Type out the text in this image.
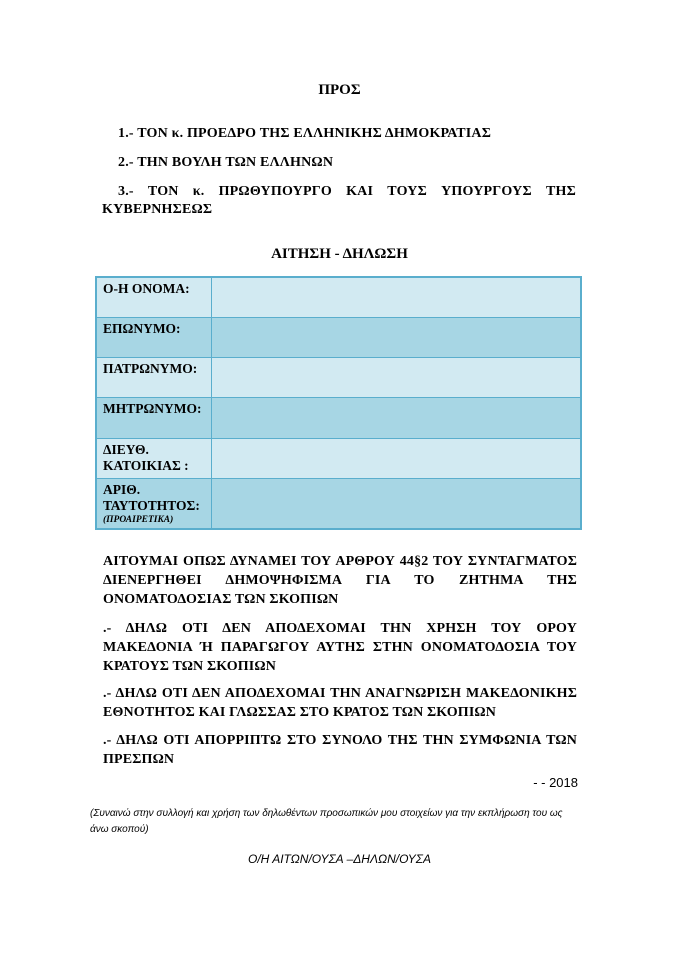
ΠΡΟΣ
1.- ΤΟΝ κ. ΠΡΟΕΔΡΟ ΤΗΣ ΕΛΛΗΝΙΚΗΣ ΔΗΜΟΚΡΑΤΙΑΣ
2.- ΤΗΝ ΒΟΥΛΗ ΤΩΝ ΕΛΛΗΝΩΝ
3.- ΤΟΝ κ. ΠΡΩΘΥΠΟΥΡΓΟ ΚΑΙ ΤΟΥΣ ΥΠΟΥΡΓΟΥΣ ΤΗΣ
ΚΥΒΕΡΝΗΣΕΩΣ
ΑΙΤΗΣΗ - ΔΗΛΩΣΗ
Ο-Η ΟΝΟΜΑ:	
ΕΠΩΝΥΜΟ:	
ΠΑΤΡΩΝΥΜΟ:	
ΜΗΤΡΩΝΥΜΟ:	
ΔΙΕΥΘ. ΚΑΤΟΙΚΙΑΣ :	
ΑΡΙΘ. ΤΑΥΤΟΤΗΤΟΣ:
(ΠΡΟΑΙΡΕΤΙΚΑ)	

ΑΙΤΟΥΜΑΙ ΟΠΩΣ ΔΥΝΑΜΕΙ ΤΟΥ ΑΡΘΡΟΥ 44§2 ΤΟΥ ΣΥΝΤΑΓΜΑΤΟΣ ΔΙΕΝΕΡΓΗΘΕΙ ΔΗΜΟΨΗΦΙΣΜΑ ΓΙΑ ΤΟ ΖΗΤΗΜΑ ΤΗΣ ΟΝΟΜΑΤΟΔΟΣΙΑΣ ΤΩΝ ΣΚΟΠΙΩΝ
.- ΔΗΛΩ ΟΤΙ ΔΕΝ ΑΠΟΔΕΧΟΜΑΙ ΤΗΝ ΧΡΗΣΗ ΤΟΥ ΟΡΟΥ ΜΑΚΕΔΟΝΙΑ Ή ΠΑΡΑΓΩΓΟΥ ΑΥΤΗΣ ΣΤΗΝ ΟΝΟΜΑΤΟΔΟΣΙΑ ΤΟΥ ΚΡΑΤΟΥΣ ΤΩΝ ΣΚΟΠΙΩΝ
.- ΔΗΛΩ ΟΤΙ ΔΕΝ ΑΠΟΔΕΧΟΜΑΙ ΤΗΝ ΑΝΑΓΝΩΡΙΣΗ ΜΑΚΕΔΟΝΙΚΗΣ ΕΘΝΟΤΗΤΟΣ ΚΑΙ ΓΛΩΣΣΑΣ ΣΤΟ ΚΡΑΤΟΣ ΤΩΝ ΣΚΟΠΙΩΝ
.- ΔΗΛΩ ΟΤΙ ΑΠΟΡΡΙΠΤΩ ΣΤΟ ΣΥΝΟΛΟ ΤΗΣ ΤΗΝ ΣΥΜΦΩΝΙΑ ΤΩΝ ΠΡΕΣΠΩΝ
- - 2018
(Συναινώ στην συλλογή και χρήση των δηλωθέντων προσωπικών μου στοιχείων για την εκπλήρωση του ως άνω σκοπού)
Ο/Η ΑΙΤΩΝ/ΟΥΣΑ –ΔΗΛΩΝ/ΟΥΣΑ
